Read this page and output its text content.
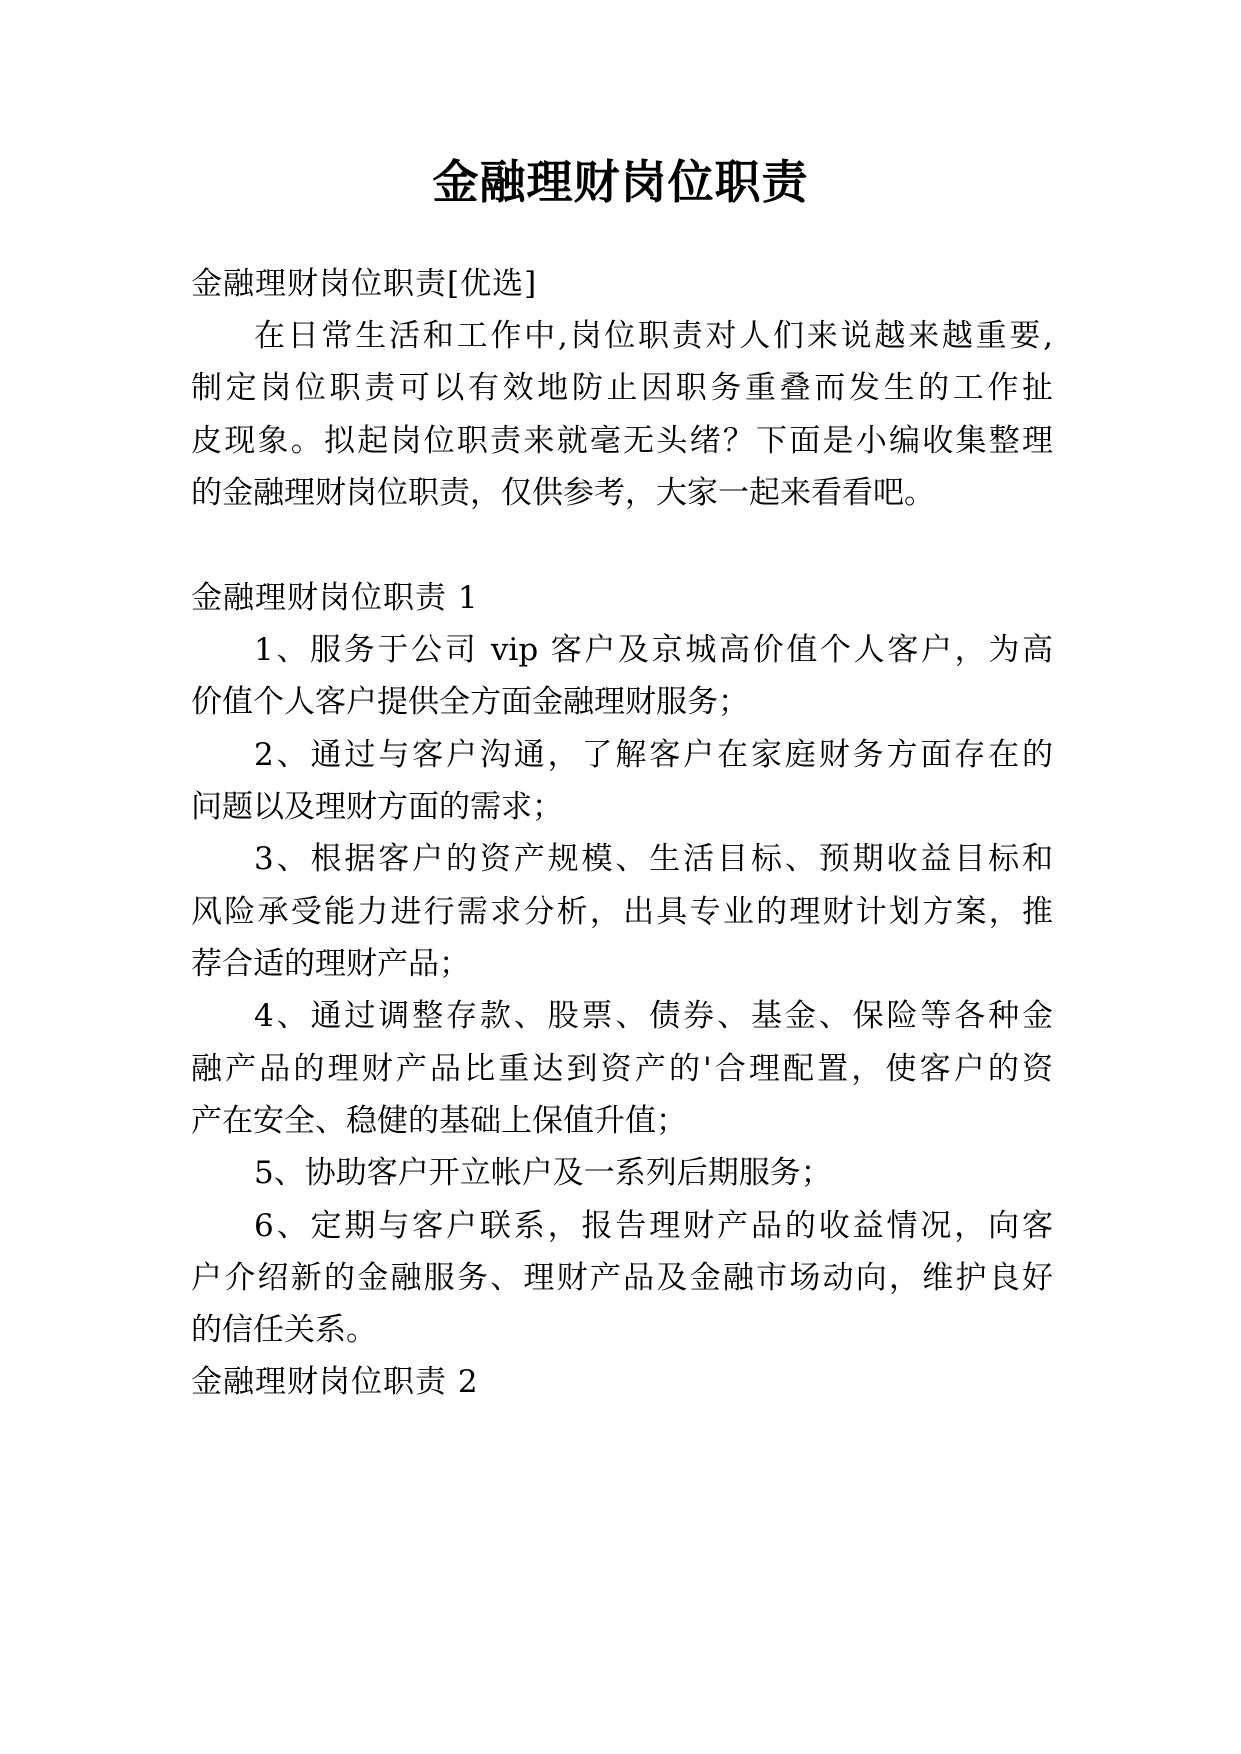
金融理财岗位职责
金融理财岗位职责[优选]
在日常生活和工作中,岗位职责对人们来说越来越重要,
制定岗位职责可以有效地防止因职务重叠而发生的工作扯
皮现象。拟起岗位职责来就毫无头绪？下面是小编收集整理
的金融理财岗位职责，仅供参考，大家一起来看看吧。
金融理财岗位职责 1
1、服务于公司 vip 客户及京城高价值个人客户，为高
价值个人客户提供全方面金融理财服务；
2、通过与客户沟通，了解客户在家庭财务方面存在的
问题以及理财方面的需求；
3、根据客户的资产规模、生活目标、预期收益目标和
风险承受能力进行需求分析，出具专业的理财计划方案，推
荐合适的理财产品；
4、通过调整存款、股票、债券、基金、保险等各种金
融产品的理财产品比重达到资产的'合理配置，使客户的资
产在安全、稳健的基础上保值升值；
5、协助客户开立帐户及一系列后期服务；
6、定期与客户联系，报告理财产品的收益情况，向客
户介绍新的金融服务、理财产品及金融市场动向，维护良好
的信任关系。
金融理财岗位职责 2
